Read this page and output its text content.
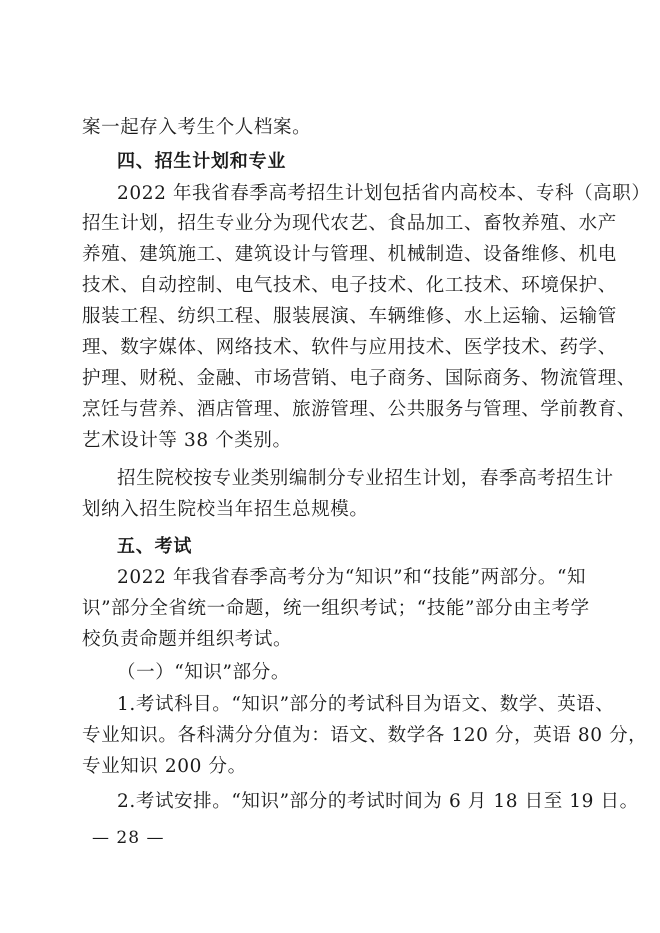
案一起存入考生个人档案。
四、招生计划和专业
2022 年我省春季高考招生计划包括省内高校本、专科（高职）
招生计划，招生专业分为现代农艺、食品加工、畜牧养殖、水产
养殖、建筑施工、建筑设计与管理、机械制造、设备维修、机电
技术、自动控制、电气技术、电子技术、化工技术、环境保护、
服装工程、纺织工程、服装展演、车辆维修、水上运输、运输管
理、数字媒体、网络技术、软件与应用技术、医学技术、药学、
护理、财税、金融、市场营销、电子商务、国际商务、物流管理、
烹饪与营养、酒店管理、旅游管理、公共服务与管理、学前教育、
艺术设计等 38 个类别。
招生院校按专业类别编制分专业招生计划，春季高考招生计
划纳入招生院校当年招生总规模。
五、考试
2022 年我省春季高考分为“知识”和“技能”两部分。“知
识”部分全省统一命题，统一组织考试；“技能”部分由主考学
校负责命题并组织考试。
（一）“知识”部分。
1.考试科目。“知识”部分的考试科目为语文、数学、英语、
专业知识。各科满分分值为：语文、数学各 120 分，英语 80 分，
专业知识 200 分。
2.考试安排。“知识”部分的考试时间为 6 月 18 日至 19 日。
— 28 —
